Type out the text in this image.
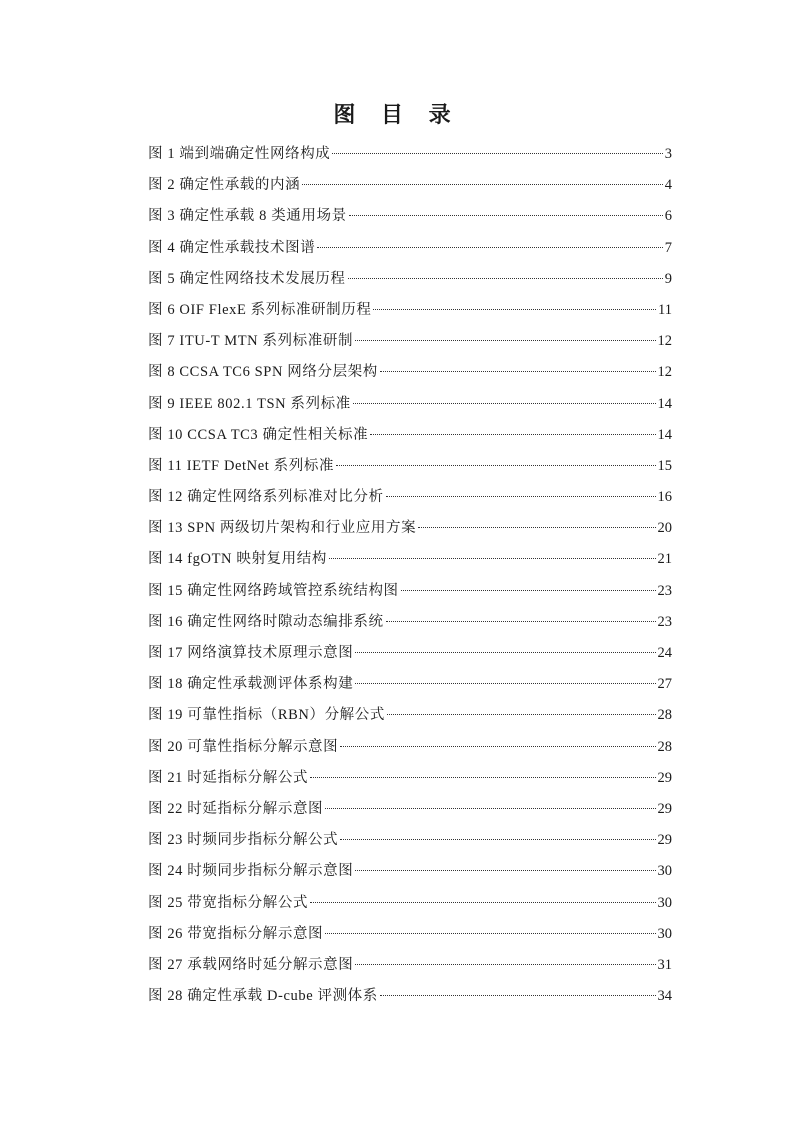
图 目 录
图 1 端到端确定性网络构成	3
图 2 确定性承载的内涵	4
图 3 确定性承载 8 类通用场景	6
图 4 确定性承载技术图谱	7
图 5 确定性网络技术发展历程	9
图 6 OIF FlexE 系列标准研制历程	11
图 7 ITU-T MTN 系列标准研制	12
图 8 CCSA TC6 SPN 网络分层架构	12
图 9 IEEE 802.1 TSN 系列标准	14
图 10 CCSA TC3 确定性相关标准	14
图 11 IETF DetNet 系列标准	15
图 12 确定性网络系列标准对比分析	16
图 13 SPN 两级切片架构和行业应用方案	20
图 14 fgOTN 映射复用结构	21
图 15 确定性网络跨域管控系统结构图	23
图 16 确定性网络时隙动态编排系统	23
图 17 网络演算技术原理示意图	24
图 18 确定性承载测评体系构建	27
图 19 可靠性指标（RBN）分解公式	28
图 20 可靠性指标分解示意图	28
图 21 时延指标分解公式	29
图 22 时延指标分解示意图	29
图 23 时频同步指标分解公式	29
图 24 时频同步指标分解示意图	30
图 25 带宽指标分解公式	30
图 26 带宽指标分解示意图	30
图 27 承载网络时延分解示意图	31
图 28 确定性承载 D-cube 评测体系	34
